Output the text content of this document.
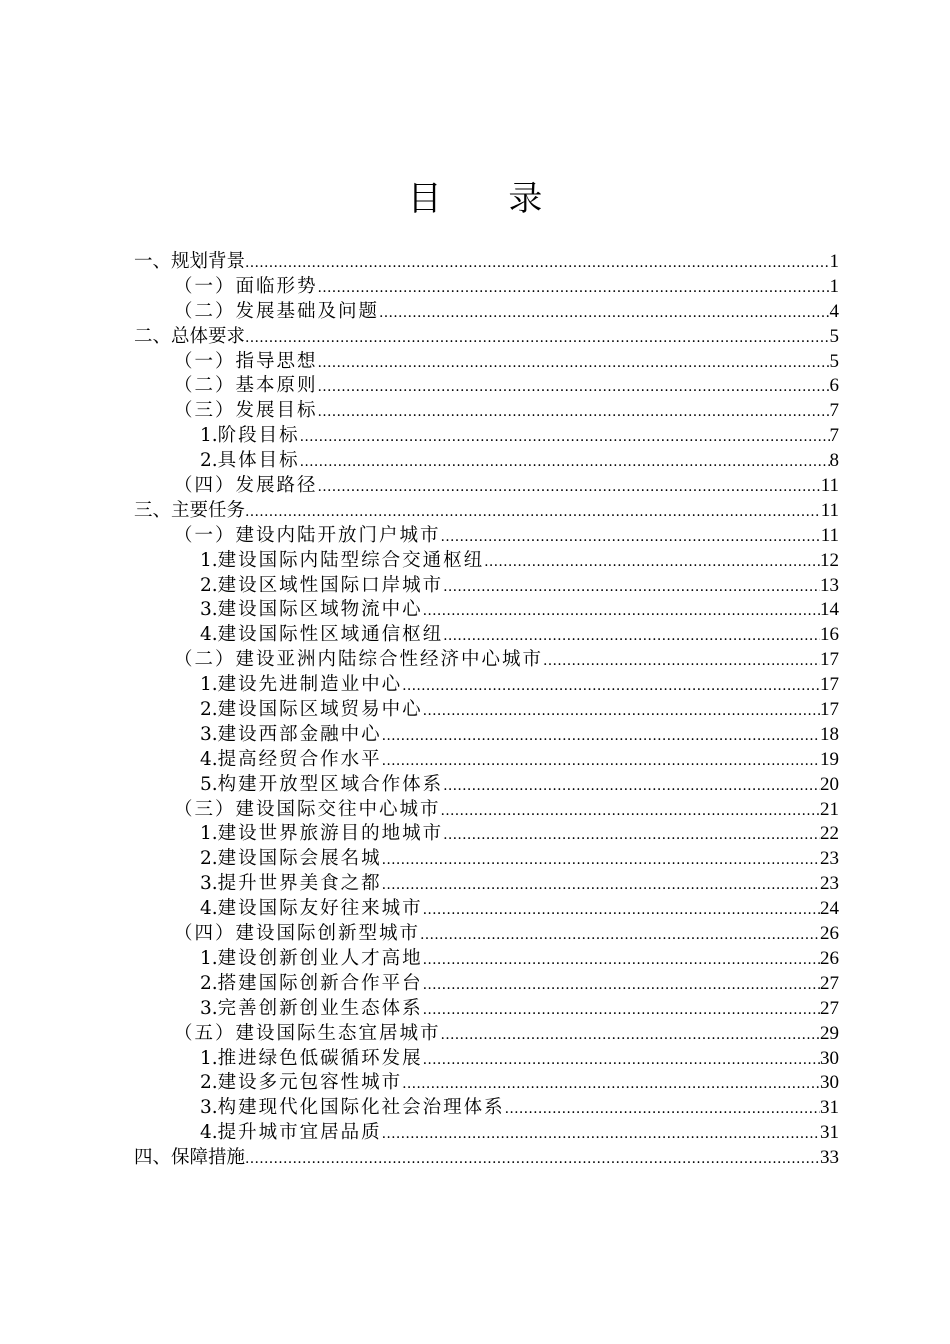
目 录
一、规划背景 .....	1
（一）面临形势 .....	1
（二）发展基础及问题 .....	4
二、总体要求 .....	5
（一）指导思想 .....	5
（二）基本原则 .....	6
（三）发展目标 .....	7
1. 阶段目标 .....	7
2. 具体目标 .....	8
（四）发展路径 .....	11
三、主要任务 .....	11
（一）建设内陆开放门户城市 .....	11
1. 建设国际内陆型综合交通枢纽 .....	12
2. 建设区域性国际口岸城市 .....	13
3. 建设国际区域物流中心 .....	14
4. 建设国际性区域通信枢纽 .....	16
（二）建设亚洲内陆综合性经济中心城市 .....	17
1. 建设先进制造业中心 .....	17
2. 建设国际区域贸易中心 .....	17
3. 建设西部金融中心 .....	18
4. 提高经贸合作水平 .....	19
5. 构建开放型区域合作体系 .....	20
（三）建设国际交往中心城市 .....	21
1. 建设世界旅游目的地城市 .....	22
2. 建设国际会展名城 .....	23
3. 提升世界美食之都 .....	23
4. 建设国际友好往来城市 .....	24
（四）建设国际创新型城市 .....	26
1. 建设创新创业人才高地 .....	26
2. 搭建国际创新合作平台 .....	27
3. 完善创新创业生态体系 .....	27
（五）建设国际生态宜居城市 .....	29
1. 推进绿色低碳循环发展 .....	30
2. 建设多元包容性城市 .....	30
3. 构建现代化国际化社会治理体系 .....	31
4. 提升城市宜居品质 .....	31
四、保障措施 .....	33
